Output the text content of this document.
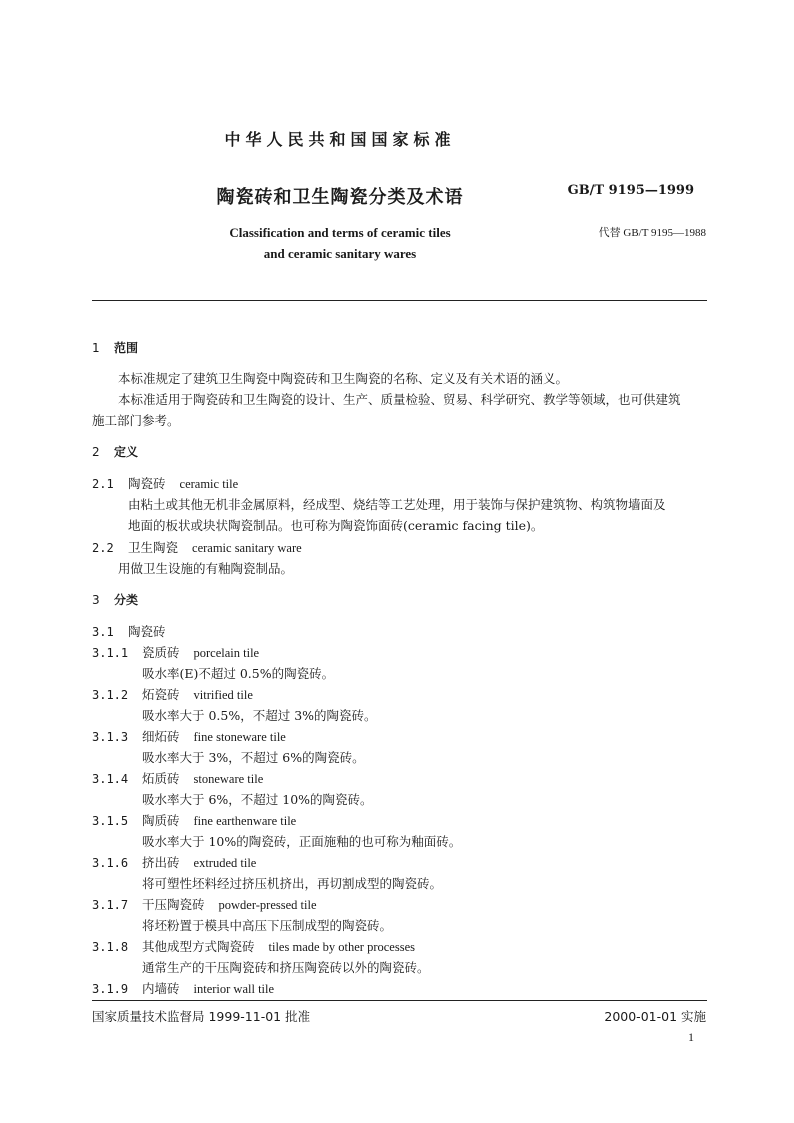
中华人民共和国国家标准
陶瓷砖和卫生陶瓷分类及术语	GB/T 9195—1999
Classification and terms of ceramic tiles
and ceramic sanitary wares
代替 GB/T 9195—1988
1 范围
本标准规定了建筑卫生陶瓷中陶瓷砖和卫生陶瓷的名称、定义及有关术语的涵义。
本标准适用于陶瓷砖和卫生陶瓷的设计、生产、质量检验、贸易、科学研究、教学等领域，也可供建筑
施工部门参考。
2 定义
2.1 陶瓷砖 ceramic tile
由粘土或其他无机非金属原料，经成型、烧结等工艺处理，用于装饰与保护建筑物、构筑物墙面及
地面的板状或块状陶瓷制品。也可称为陶瓷饰面砖(ceramic facing tile)。
2.2 卫生陶瓷 ceramic sanitary ware
用做卫生设施的有釉陶瓷制品。
3 分类
3.1 陶瓷砖
3.1.1 瓷质砖 porcelain tile
吸水率(E)不超过 0.5%的陶瓷砖。
3.1.2 炻瓷砖 vitrified tile
吸水率大于 0.5%，不超过 3%的陶瓷砖。
3.1.3 细炻砖 fine stoneware tile
吸水率大于 3%，不超过 6%的陶瓷砖。
3.1.4 炻质砖 stoneware tile
吸水率大于 6%，不超过 10%的陶瓷砖。
3.1.5 陶质砖 fine earthenware tile
吸水率大于 10%的陶瓷砖，正面施釉的也可称为釉面砖。
3.1.6 挤出砖 extruded tile
将可塑性坯料经过挤压机挤出，再切割成型的陶瓷砖。
3.1.7 干压陶瓷砖 powder-pressed tile
将坯粉置于模具中高压下压制成型的陶瓷砖。
3.1.8 其他成型方式陶瓷砖 tiles made by other processes
通常生产的干压陶瓷砖和挤压陶瓷砖以外的陶瓷砖。
3.1.9 内墙砖 interior wall tile
国家质量技术监督局 1999-11-01 批准	2000-01-01 实施
1
